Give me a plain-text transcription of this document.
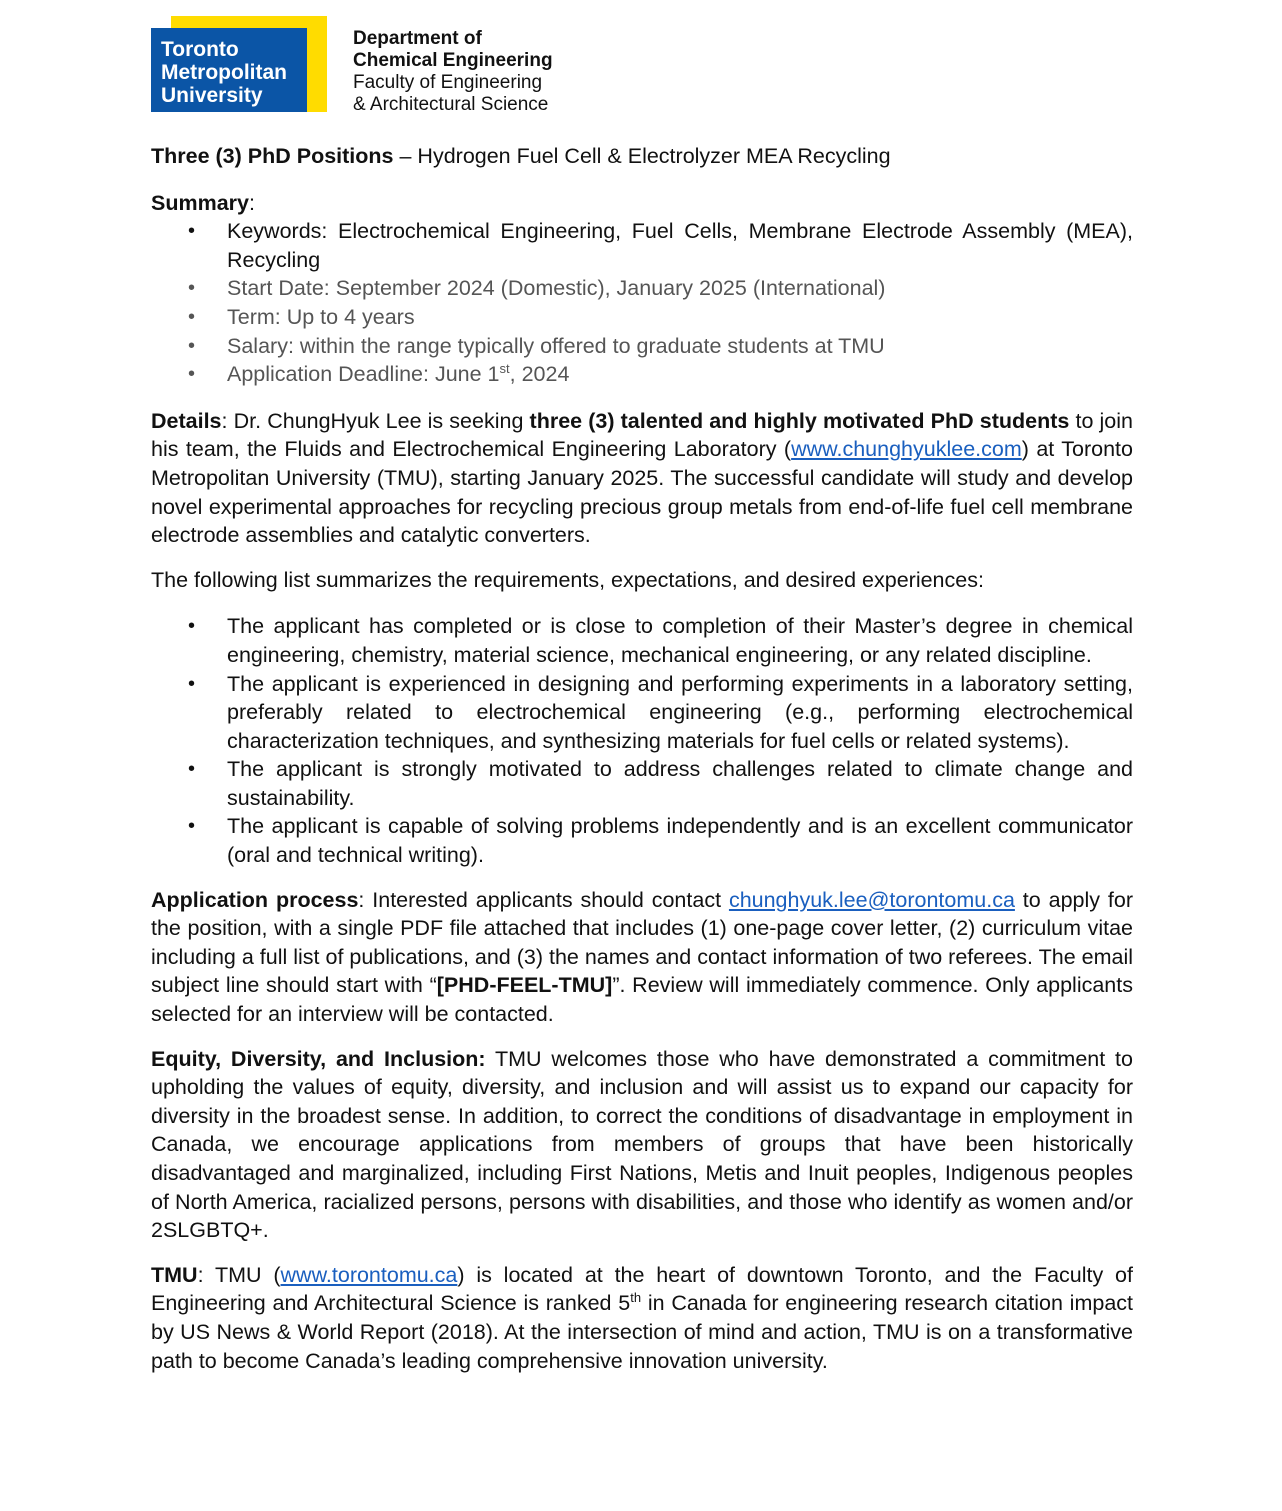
Toronto
Metropolitan
University
Department of
Chemical Engineering
Faculty of Engineering
& Architectural Science

Three (3) PhD Positions – Hydrogen Fuel Cell & Electrolyzer MEA Recycling

Summary:

• Keywords: Electrochemical Engineering, Fuel Cells, Membrane Electrode Assembly (MEA), Recycling
• Start Date: September 2024 (Domestic), January 2025 (International)
• Term: Up to 4 years
• Salary: within the range typically offered to graduate students at TMU
• Application Deadline: June 1st, 2024

Details: Dr. ChungHyuk Lee is seeking three (3) talented and highly motivated PhD students to join his team, the Fluids and Electrochemical Engineering Laboratory (www.chunghyuklee.com) at Toronto Metropolitan University (TMU), starting January 2025. The successful candidate will study and develop novel experimental approaches for recycling precious group metals from end-of-life fuel cell membrane electrode assemblies and catalytic converters.

The following list summarizes the requirements, expectations, and desired experiences:

• The applicant has completed or is close to completion of their Master’s degree in chemical engineering, chemistry, material science, mechanical engineering, or any related discipline.
• The applicant is experienced in designing and performing experiments in a laboratory setting, preferably related to electrochemical engineering (e.g., performing electrochemical characterization techniques, and synthesizing materials for fuel cells or related systems).
• The applicant is strongly motivated to address challenges related to climate change and sustainability.
• The applicant is capable of solving problems independently and is an excellent communicator (oral and technical writing).

Application process: Interested applicants should contact chunghyuk.lee@torontomu.ca to apply for the position, with a single PDF file attached that includes (1) one-page cover letter, (2) curriculum vitae including a full list of publications, and (3) the names and contact information of two referees. The email subject line should start with “[PHD-FEEL-TMU]”. Review will immediately commence. Only applicants selected for an interview will be contacted.

Equity, Diversity, and Inclusion: TMU welcomes those who have demonstrated a commitment to upholding the values of equity, diversity, and inclusion and will assist us to expand our capacity for diversity in the broadest sense. In addition, to correct the conditions of disadvantage in employment in Canada, we encourage applications from members of groups that have been historically disadvantaged and marginalized, including First Nations, Metis and Inuit peoples, Indigenous peoples of North America, racialized persons, persons with disabilities, and those who identify as women and/or 2SLGBTQ+.

TMU: TMU (www.torontomu.ca) is located at the heart of downtown Toronto, and the Faculty of Engineering and Architectural Science is ranked 5th in Canada for engineering research citation impact by US News & World Report (2018). At the intersection of mind and action, TMU is on a transformative path to become Canada’s leading comprehensive innovation university.
